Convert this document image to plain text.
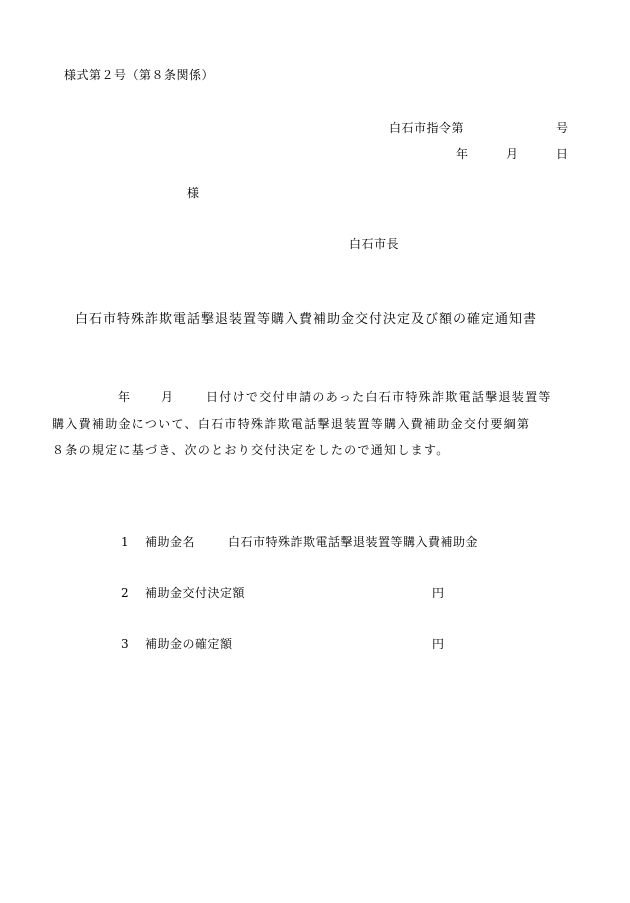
様式第２号（第８条関係）
白石市指令第	号
年	月	日
様
白石市長
白石市特殊詐欺電話撃退装置等購入費補助金交付決定及び額の確定通知書
年	月	日付けで交付申請のあった白石市特殊詐欺電話撃退装置等
購入費補助金について、白石市特殊詐欺電話撃退装置等購入費補助金交付要綱第
８条の規定に基づき、次のとおり交付決定をしたので通知します。
1 補助金名	白石市特殊詐欺電話撃退装置等購入費補助金
2 補助金交付決定額	円
3 補助金の確定額	円
